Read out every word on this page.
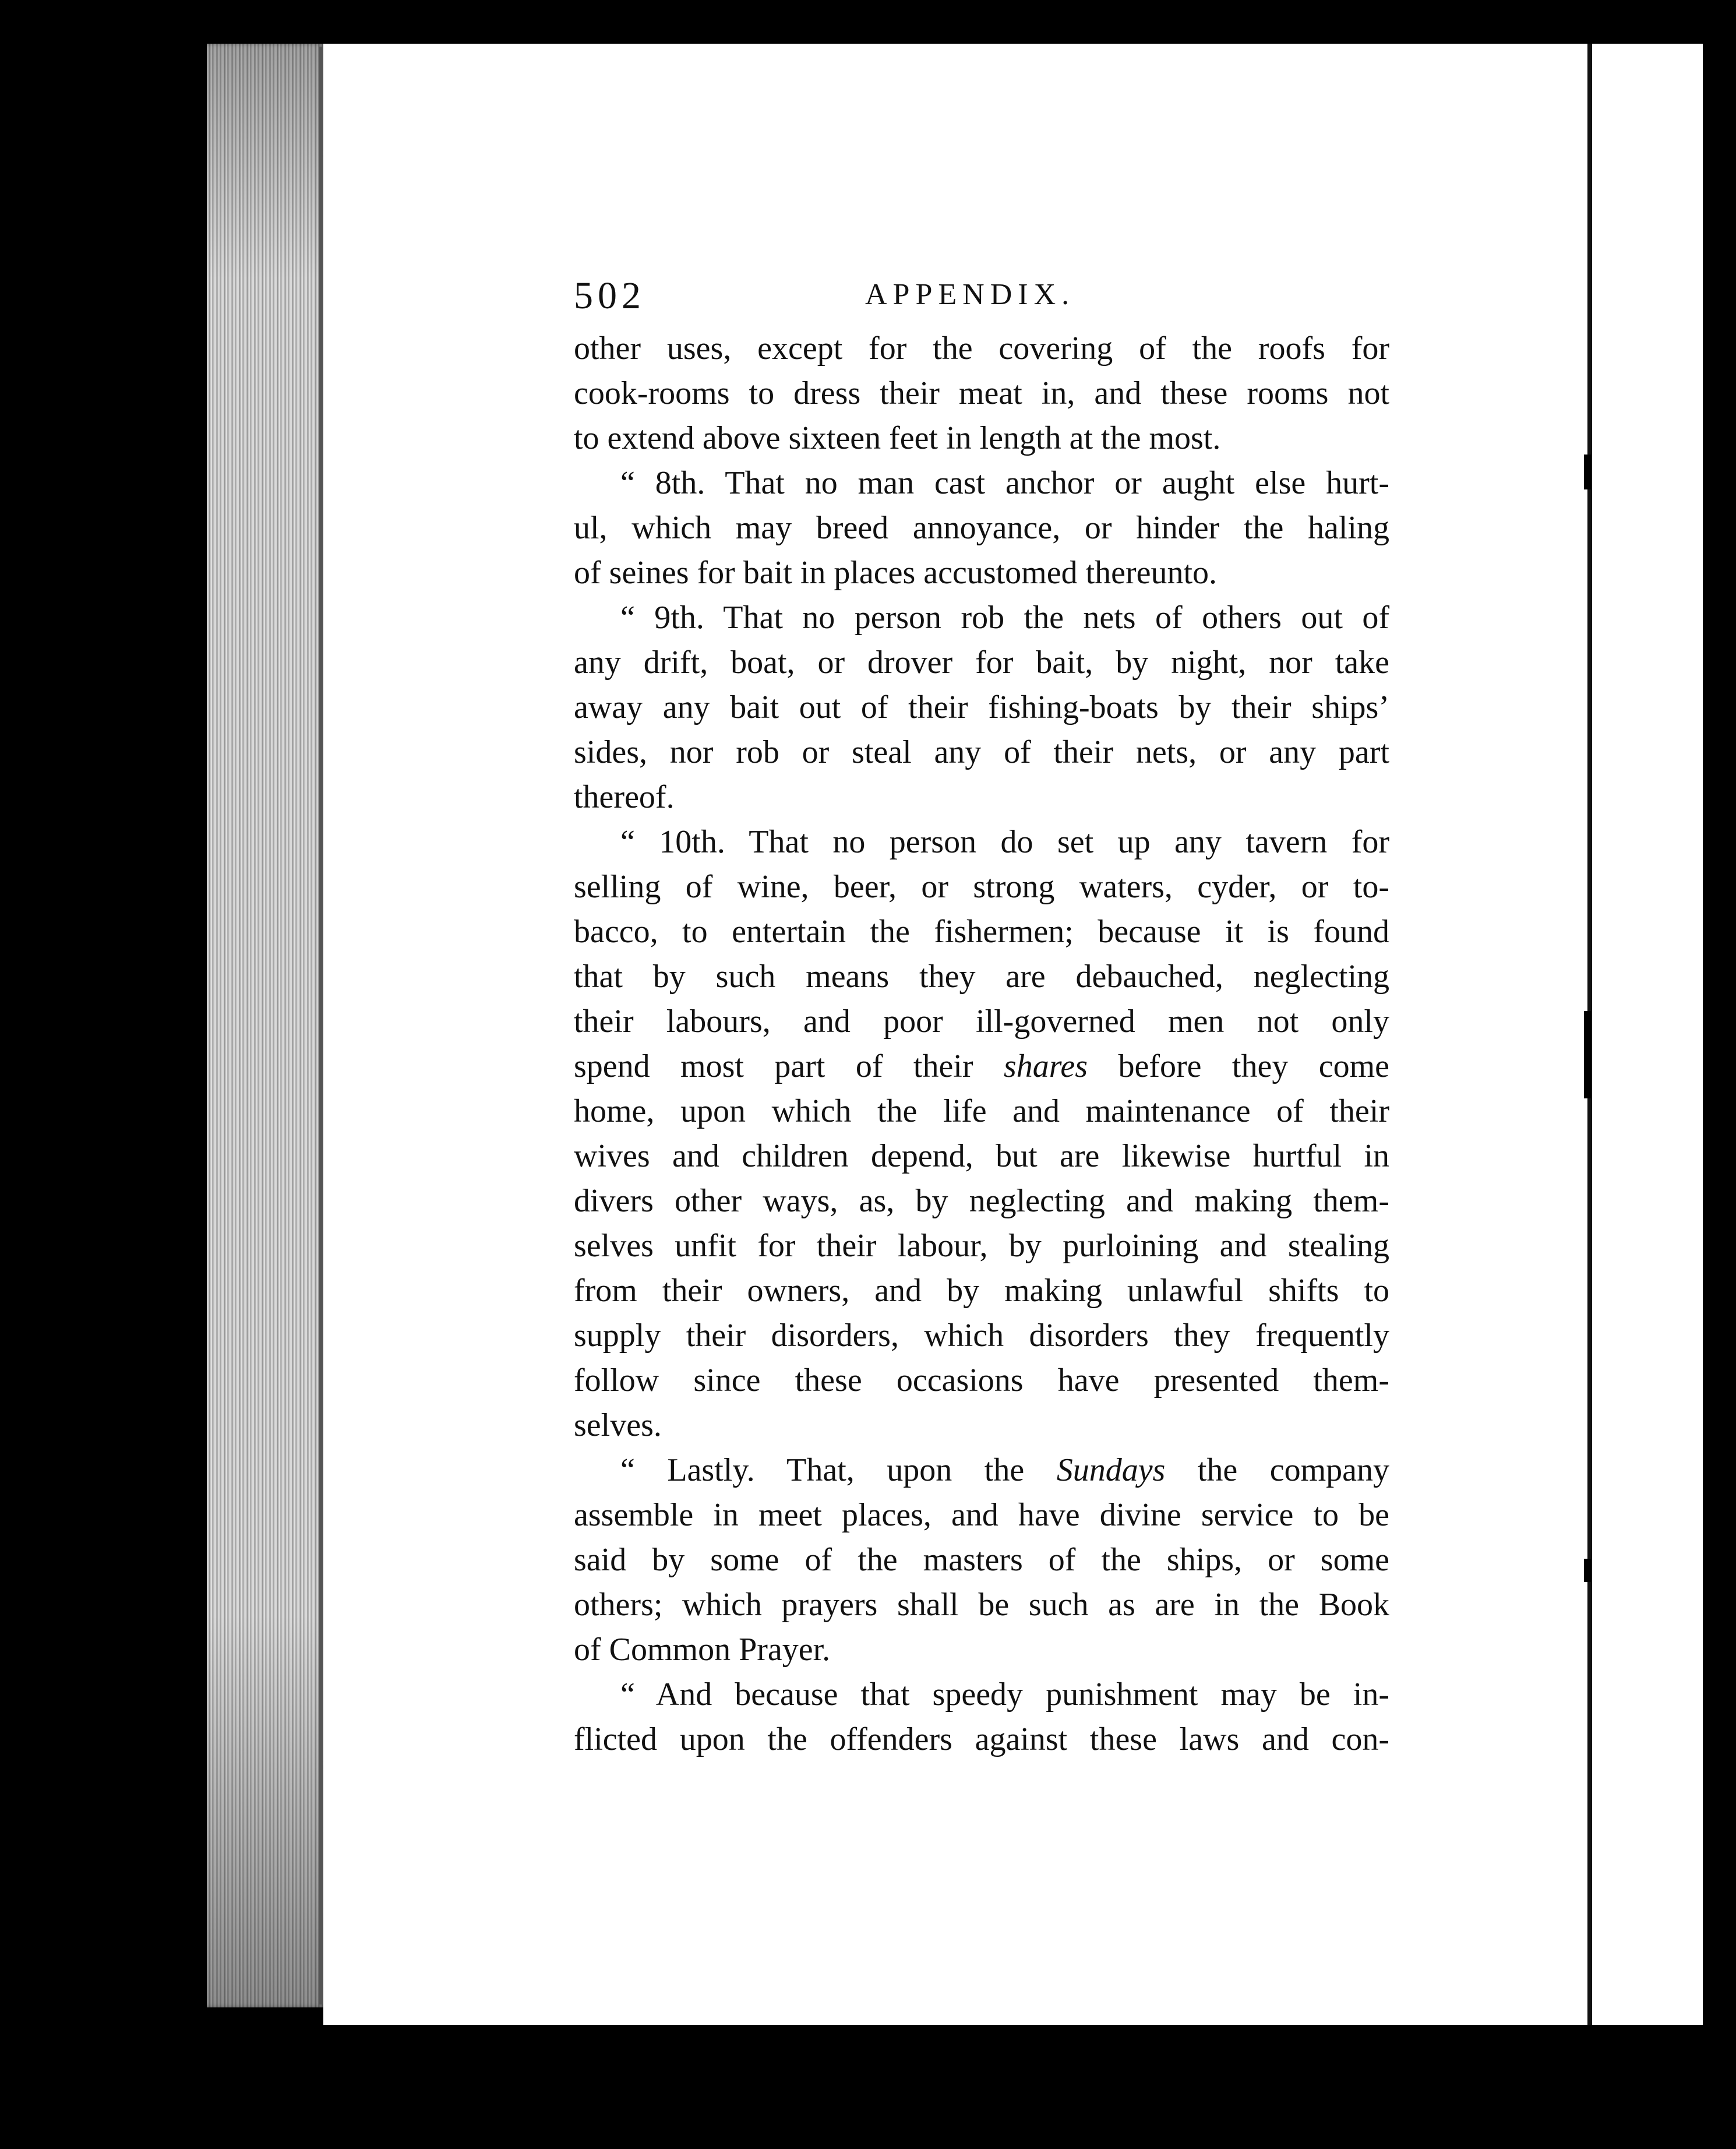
502	APPENDIX.

other uses, except for the covering of the roofs for
cook-rooms to dress their meat in, and these rooms not
to extend above sixteen feet in length at the most.

“ 8th. That no man cast anchor or aught else hurt-
ul, which may breed annoyance, or hinder the haling
of seines for bait in places accustomed thereunto.

“ 9th. That no person rob the nets of others out of
any drift, boat, or drover for bait, by night, nor take
away any bait out of their fishing-boats by their ships’
sides, nor rob or steal any of their nets, or any part
thereof.

“ 10th. That no person do set up any tavern for
selling of wine, beer, or strong waters, cyder, or to-
bacco, to entertain the fishermen; because it is found
that by such means they are debauched, neglecting
their labours, and poor ill-governed men not only
spend most part of their shares before they come
home, upon which the life and maintenance of their
wives and children depend, but are likewise hurtful in
divers other ways, as, by neglecting and making them-
selves unfit for their labour, by purloining and stealing
from their owners, and by making unlawful shifts to
supply their disorders, which disorders they frequently
follow since these occasions have presented them-
selves.

“ Lastly. That, upon the Sundays the company
assemble in meet places, and have divine service to be
said by some of the masters of the ships, or some
others; which prayers shall be such as are in the Book
of Common Prayer.

“ And because that speedy punishment may be in-
flicted upon the offenders against these laws and con-
